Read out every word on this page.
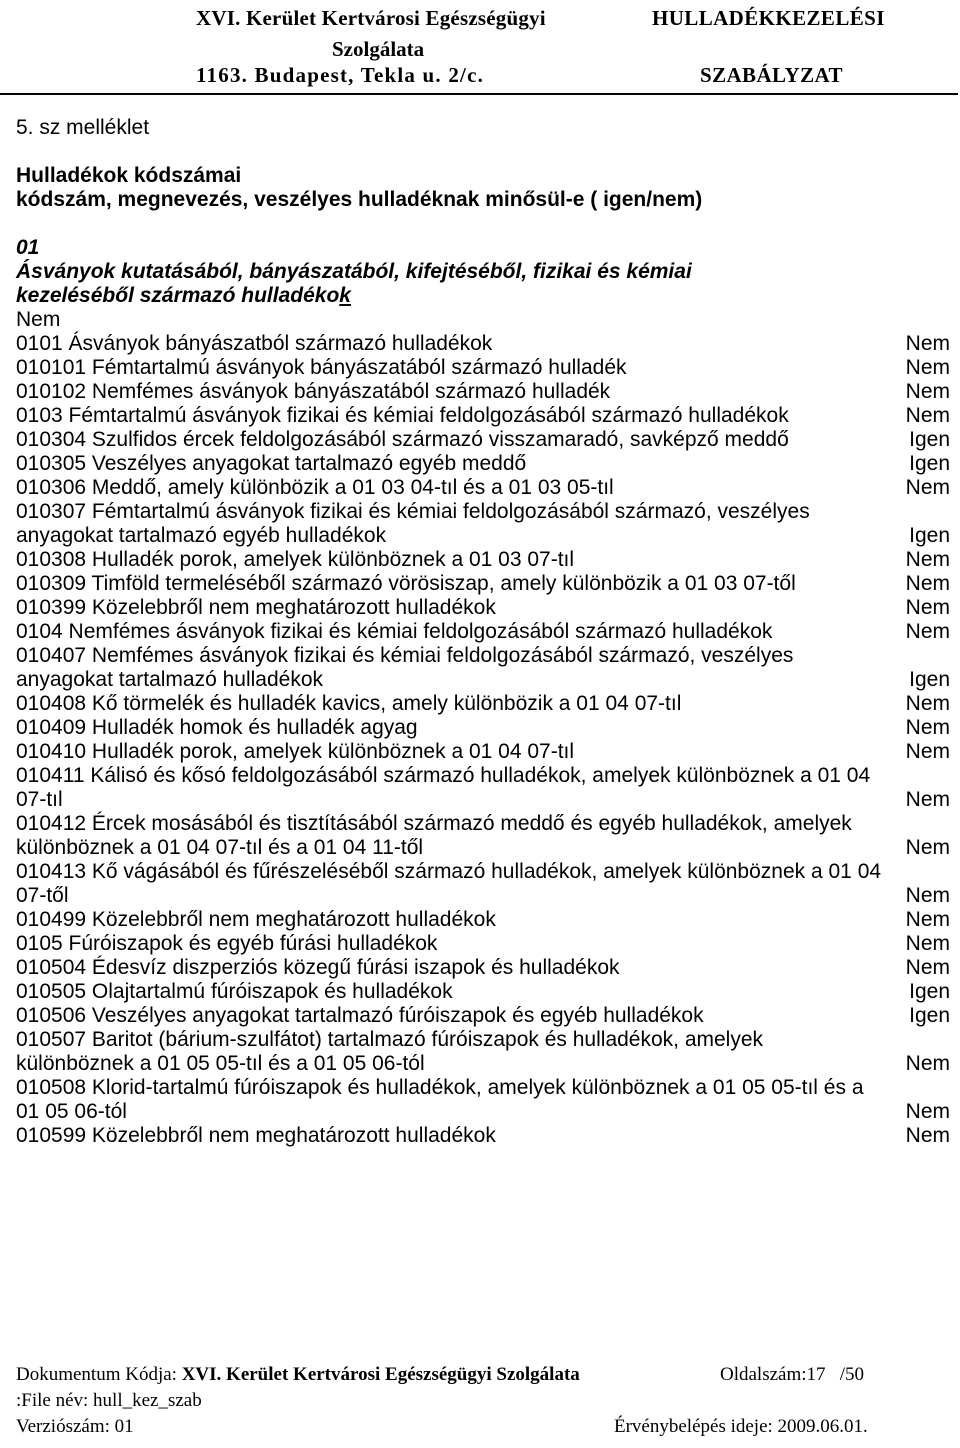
XVI. Kerület Kertvárosi Egészségügyi
Szolgálata
1163. Budapest, Tekla u. 2/c.
HULLADÉKKEZELÉSI
SZABÁLYZAT
5. sz melléklet
Hulladékok kódszámai
kódszám, megnevezés, veszélyes hulladéknak minősül-e ( igen/nem)
01
Ásványok kutatásából, bányászatából, kifejtéséből, fizikai és kémiai
kezeléséből származó hulladékok
Nem
0101 Ásványok bányászatból származó hulladékok	Nem
010101 Fémtartalmú ásványok bányászatából származó hulladék	Nem
010102 Nemfémes ásványok bányászatából származó hulladék	Nem
0103 Fémtartalmú ásványok fizikai és kémiai feldolgozásából származó hulladékok	Nem
010304 Szulfidos ércek feldolgozásából származó visszamaradó, savképző meddő	Igen
010305 Veszélyes anyagokat tartalmazó egyéb meddő	Igen
010306 Meddő, amely különbözik a 01 03 04-tıl és a 01 03 05-tıl	Nem
010307 Fémtartalmú ásványok fizikai és kémiai feldolgozásából származó, veszélyes anyagokat tartalmazó egyéb hulladékok	Igen
010308 Hulladék porok, amelyek különböznek a 01 03 07-tıl	Nem
010309 Timföld termeléséből származó vörösiszap, amely különbözik a 01 03 07-től	Nem
010399 Közelebbről nem meghatározott hulladékok	Nem
0104 Nemfémes ásványok fizikai és kémiai feldolgozásából származó hulladékok	Nem
010407 Nemfémes ásványok fizikai és kémiai feldolgozásából származó, veszélyes anyagokat tartalmazó hulladékok	Igen
010408 Kő törmelék és hulladék kavics, amely különbözik a 01 04 07-tıl	Nem
010409 Hulladék homok és hulladék agyag	Nem
010410 Hulladék porok, amelyek különböznek a 01 04 07-tıl	Nem
010411 Kálisó és kősó feldolgozásából származó hulladékok, amelyek különböznek a 01 04 07-tıl	Nem
010412 Ércek mosásából és tisztításából származó meddő és egyéb hulladékok, amelyek különböznek a 01 04 07-tıl és a 01 04 11-től	Nem
010413 Kő vágásából és fűrészeléséből származó hulladékok, amelyek különböznek a 01 04 07-től	Nem
010499 Közelebbről nem meghatározott hulladékok	Nem
0105 Fúróiszapok és egyéb fúrási hulladékok	Nem
010504 Édesvíz diszperziós közegű fúrási iszapok és hulladékok	Nem
010505 Olajtartalmú fúróiszapok és hulladékok	Igen
010506 Veszélyes anyagokat tartalmazó fúróiszapok és egyéb hulladékok	Igen
010507 Baritot (bárium-szulfátot) tartalmazó fúróiszapok és hulladékok, amelyek különböznek a 01 05 05-tıl és a 01 05 06-tól	Nem
010508 Klorid-tartalmú fúróiszapok és hulladékok, amelyek különböznek a 01 05 05-tıl és a 01 05 06-tól	Nem
010599 Közelebbről nem meghatározott hulladékok	Nem
Dokumentum Kódja: XVI. Kerület Kertvárosi Egészségügyi Szolgálata	Oldalszám:17 /50
:File név: hull_kez_szab
Verziószám: 01	Érvénybelépés ideje: 2009.06.01.
